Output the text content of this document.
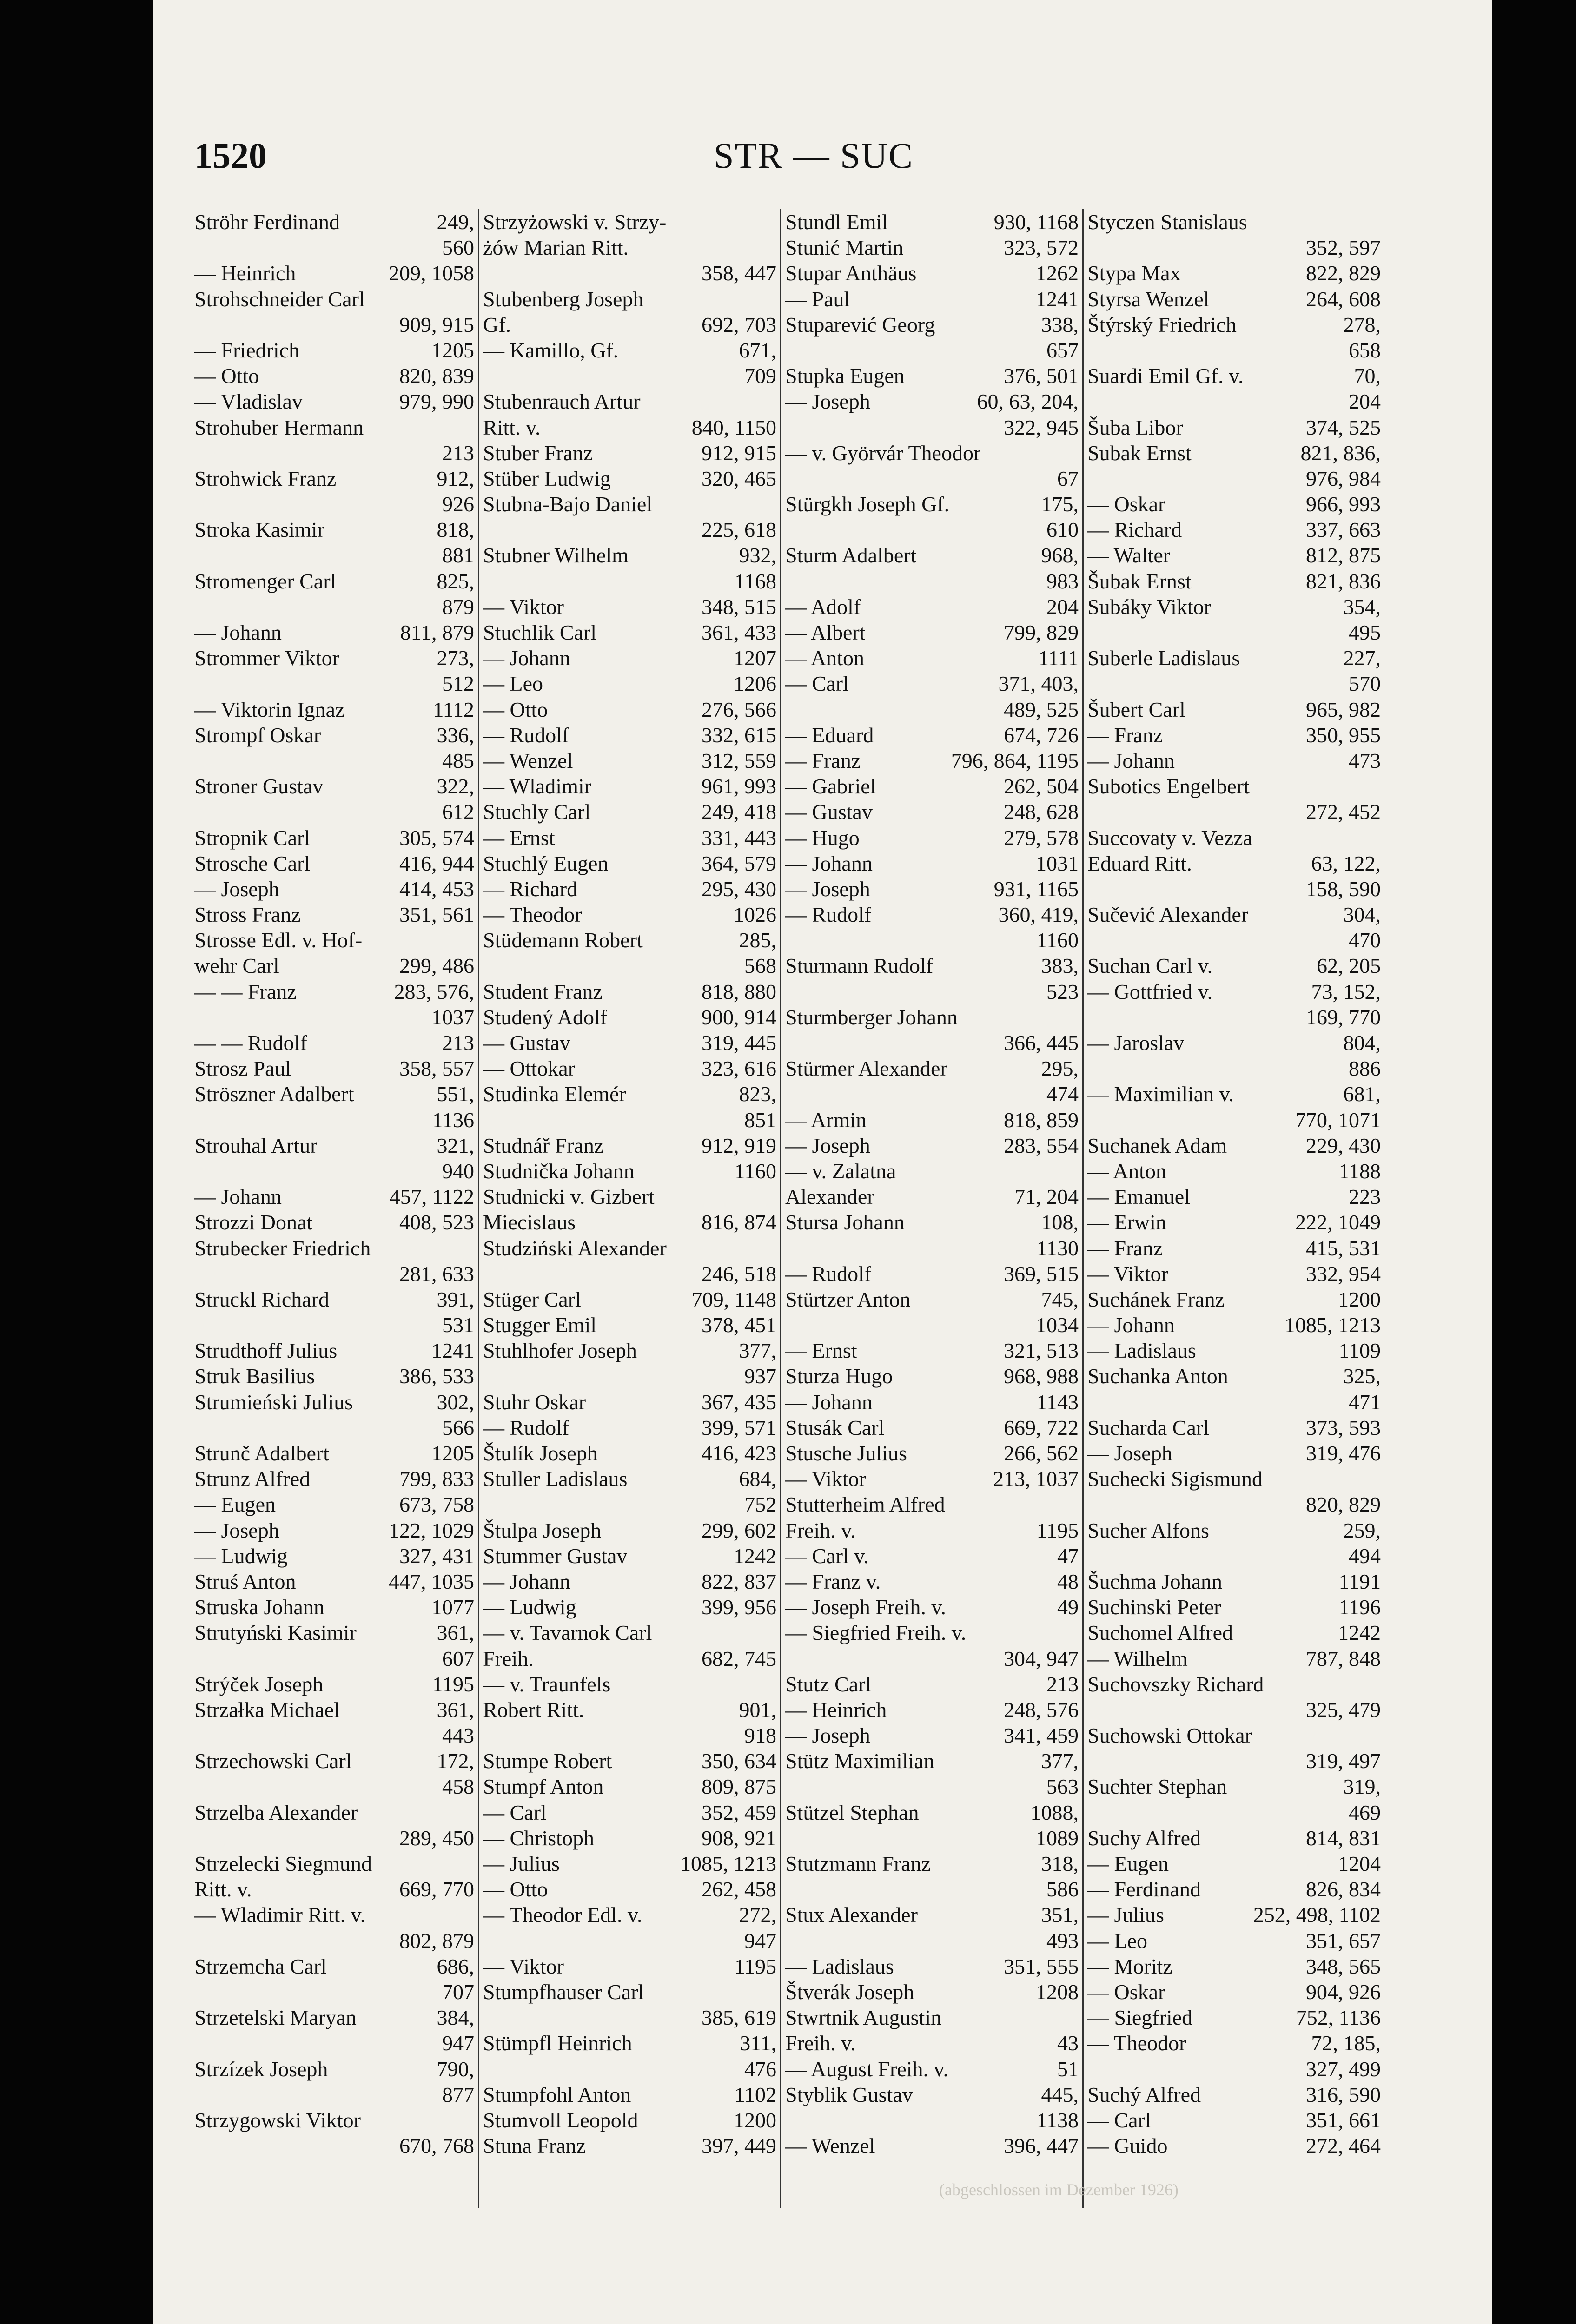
1520	STR — SUC
Ströhr Ferdinand	249,
560
— Heinrich	209, 1058
Strohschneider Carl
909, 915
— Friedrich	1205
— Otto	820, 839
— Vladislav	979, 990
Strohuber Hermann
213
Strohwick Franz	912,
926
Stroka Kasimir	818,
881
Stromenger Carl	825,
879
— Johann	811, 879
Strommer Viktor	273,
512
— Viktorin Ignaz	1112
Strompf Oskar	336,
485
Stroner Gustav	322,
612
Stropnik Carl	305, 574
Strosche Carl	416, 944
— Joseph	414, 453
Stross Franz	351, 561
Strosse Edl. v. Hof-
wehr Carl	299, 486
— — Franz	283, 576,
1037
— — Rudolf	213
Strosz Paul	358, 557
Ströszner Adalbert	551,
1136
Strouhal Artur	321,
940
— Johann	457, 1122
Strozzi Donat	408, 523
Strubecker Friedrich
281, 633
Struckl Richard	391,
531
Strudthoff Julius	1241
Struk Basilius	386, 533
Strumieński Julius	302,
566
Strunč Adalbert	1205
Strunz Alfred	799, 833
— Eugen	673, 758
— Joseph	122, 1029
— Ludwig	327, 431
Struś Anton	447, 1035
Struska Johann	1077
Strutyński Kasimir	361,
607
Strýček Joseph	1195
Strzałka Michael	361,
443
Strzechowski Carl	172,
458
Strzelba Alexander
289, 450
Strzelecki Siegmund
Ritt. v.	669, 770
— Wladimir Ritt. v.
802, 879
Strzemcha Carl	686,
707
Strzetelski Maryan	384,
947
Strzízek Joseph	790,
877
Strzygowski Viktor
670, 768
Strzyżowski v. Strzy-
żów Marian Ritt.
358, 447
Stubenberg Joseph
Gf.	692, 703
— Kamillo, Gf.	671,
709
Stubenrauch Artur
Ritt. v.	840, 1150
Stuber Franz	912, 915
Stüber Ludwig	320, 465
Stubna-Bajo Daniel
225, 618
Stubner Wilhelm	932,
1168
— Viktor	348, 515
Stuchlik Carl	361, 433
— Johann	1207
— Leo	1206
— Otto	276, 566
— Rudolf	332, 615
— Wenzel	312, 559
— Wladimir	961, 993
Stuchly Carl	249, 418
— Ernst	331, 443
Stuchlý Eugen	364, 579
— Richard	295, 430
— Theodor	1026
Stüdemann Robert	285,
568
Student Franz	818, 880
Studený Adolf	900, 914
— Gustav	319, 445
— Ottokar	323, 616
Studinka Elemér	823,
851
Studnář Franz	912, 919
Studnička Johann	1160
Studnicki v. Gizbert
Miecislaus	816, 874
Studziński Alexander
246, 518
Stüger Carl	709, 1148
Stugger Emil	378, 451
Stuhlhofer Joseph	377,
937
Stuhr Oskar	367, 435
— Rudolf	399, 571
Štulík Joseph	416, 423
Stuller Ladislaus	684,
752
Štulpa Joseph	299, 602
Stummer Gustav	1242
— Johann	822, 837
— Ludwig	399, 956
— v. Tavarnok Carl
Freih.	682, 745
— v. Traunfels
Robert Ritt.	901,
918
Stumpe Robert	350, 634
Stumpf Anton	809, 875
— Carl	352, 459
— Christoph	908, 921
— Julius	1085, 1213
— Otto	262, 458
— Theodor Edl. v.	272,
947
— Viktor	1195
Stumpfhauser Carl
385, 619
Stümpfl Heinrich	311,
476
Stumpfohl Anton	1102
Stumvoll Leopold	1200
Stuna Franz	397, 449
Stundl Emil	930, 1168
Stunić Martin	323, 572
Stupar Anthäus	1262
— Paul	1241
Stuparević Georg	338,
657
Stupka Eugen	376, 501
— Joseph	60, 63, 204,
322, 945
— v. Györvár Theodor
67
Stürgkh Joseph Gf.	175,
610
Sturm Adalbert	968,
983
— Adolf	204
— Albert	799, 829
— Anton	1111
— Carl	371, 403,
489, 525
— Eduard	674, 726
— Franz	796, 864, 1195
— Gabriel	262, 504
— Gustav	248, 628
— Hugo	279, 578
— Johann	1031
— Joseph	931, 1165
— Rudolf	360, 419,
1160
Sturmann Rudolf	383,
523
Sturmberger Johann
366, 445
Stürmer Alexander	295,
474
— Armin	818, 859
— Joseph	283, 554
— v. Zalatna
Alexander	71, 204
Stursa Johann	108,
1130
— Rudolf	369, 515
Stürtzer Anton	745,
1034
— Ernst	321, 513
Sturza Hugo	968, 988
— Johann	1143
Stusák Carl	669, 722
Stusche Julius	266, 562
— Viktor	213, 1037
Stutterheim Alfred
Freih. v.	1195
— Carl v.	47
— Franz v.	48
— Joseph Freih. v.	49
— Siegfried Freih. v.
304, 947
Stutz Carl	213
— Heinrich	248, 576
— Joseph	341, 459
Stütz Maximilian	377,
563
Stützel Stephan	1088,
1089
Stutzmann Franz	318,
586
Stux Alexander	351,
493
— Ladislaus	351, 555
Štverák Joseph	1208
Stwrtnik Augustin
Freih. v.	43
— August Freih. v.	51
Styblik Gustav	445,
1138
— Wenzel	396, 447
Styczen Stanislaus
352, 597
Stypa Max	822, 829
Styrsa Wenzel	264, 608
Štýrský Friedrich	278,
658
Suardi Emil Gf. v.	70,
204
Šuba Libor	374, 525
Subak Ernst	821, 836,
976, 984
— Oskar	966, 993
— Richard	337, 663
— Walter	812, 875
Šubak Ernst	821, 836
Subáky Viktor	354,
495
Suberle Ladislaus	227,
570
Šubert Carl	965, 982
— Franz	350, 955
— Johann	473
Subotics Engelbert
272, 452
Succovaty v. Vezza
Eduard Ritt.	63, 122,
158, 590
Sučević Alexander	304,
470
Suchan Carl v.	62, 205
— Gottfried v.	73, 152,
169, 770
— Jaroslav	804,
886
— Maximilian v.	681,
770, 1071
Suchanek Adam	229, 430
— Anton	1188
— Emanuel	223
— Erwin	222, 1049
— Franz	415, 531
— Viktor	332, 954
Suchánek Franz	1200
— Johann	1085, 1213
— Ladislaus	1109
Suchanka Anton	325,
471
Sucharda Carl	373, 593
— Joseph	319, 476
Suchecki Sigismund
820, 829
Sucher Alfons	259,
494
Šuchma Johann	1191
Suchinski Peter	1196
Suchomel Alfred	1242
— Wilhelm	787, 848
Suchovszky Richard
325, 479
Suchowski Ottokar
319, 497
Suchter Stephan	319,
469
Suchy Alfred	814, 831
— Eugen	1204
— Ferdinand	826, 834
— Julius	252, 498, 1102
— Leo	351, 657
— Moritz	348, 565
— Oskar	904, 926
— Siegfried	752, 1136
— Theodor	72, 185,
327, 499
Suchý Alfred	316, 590
— Carl	351, 661
— Guido	272, 464
(abgeschlossen im Dezember 1926)
